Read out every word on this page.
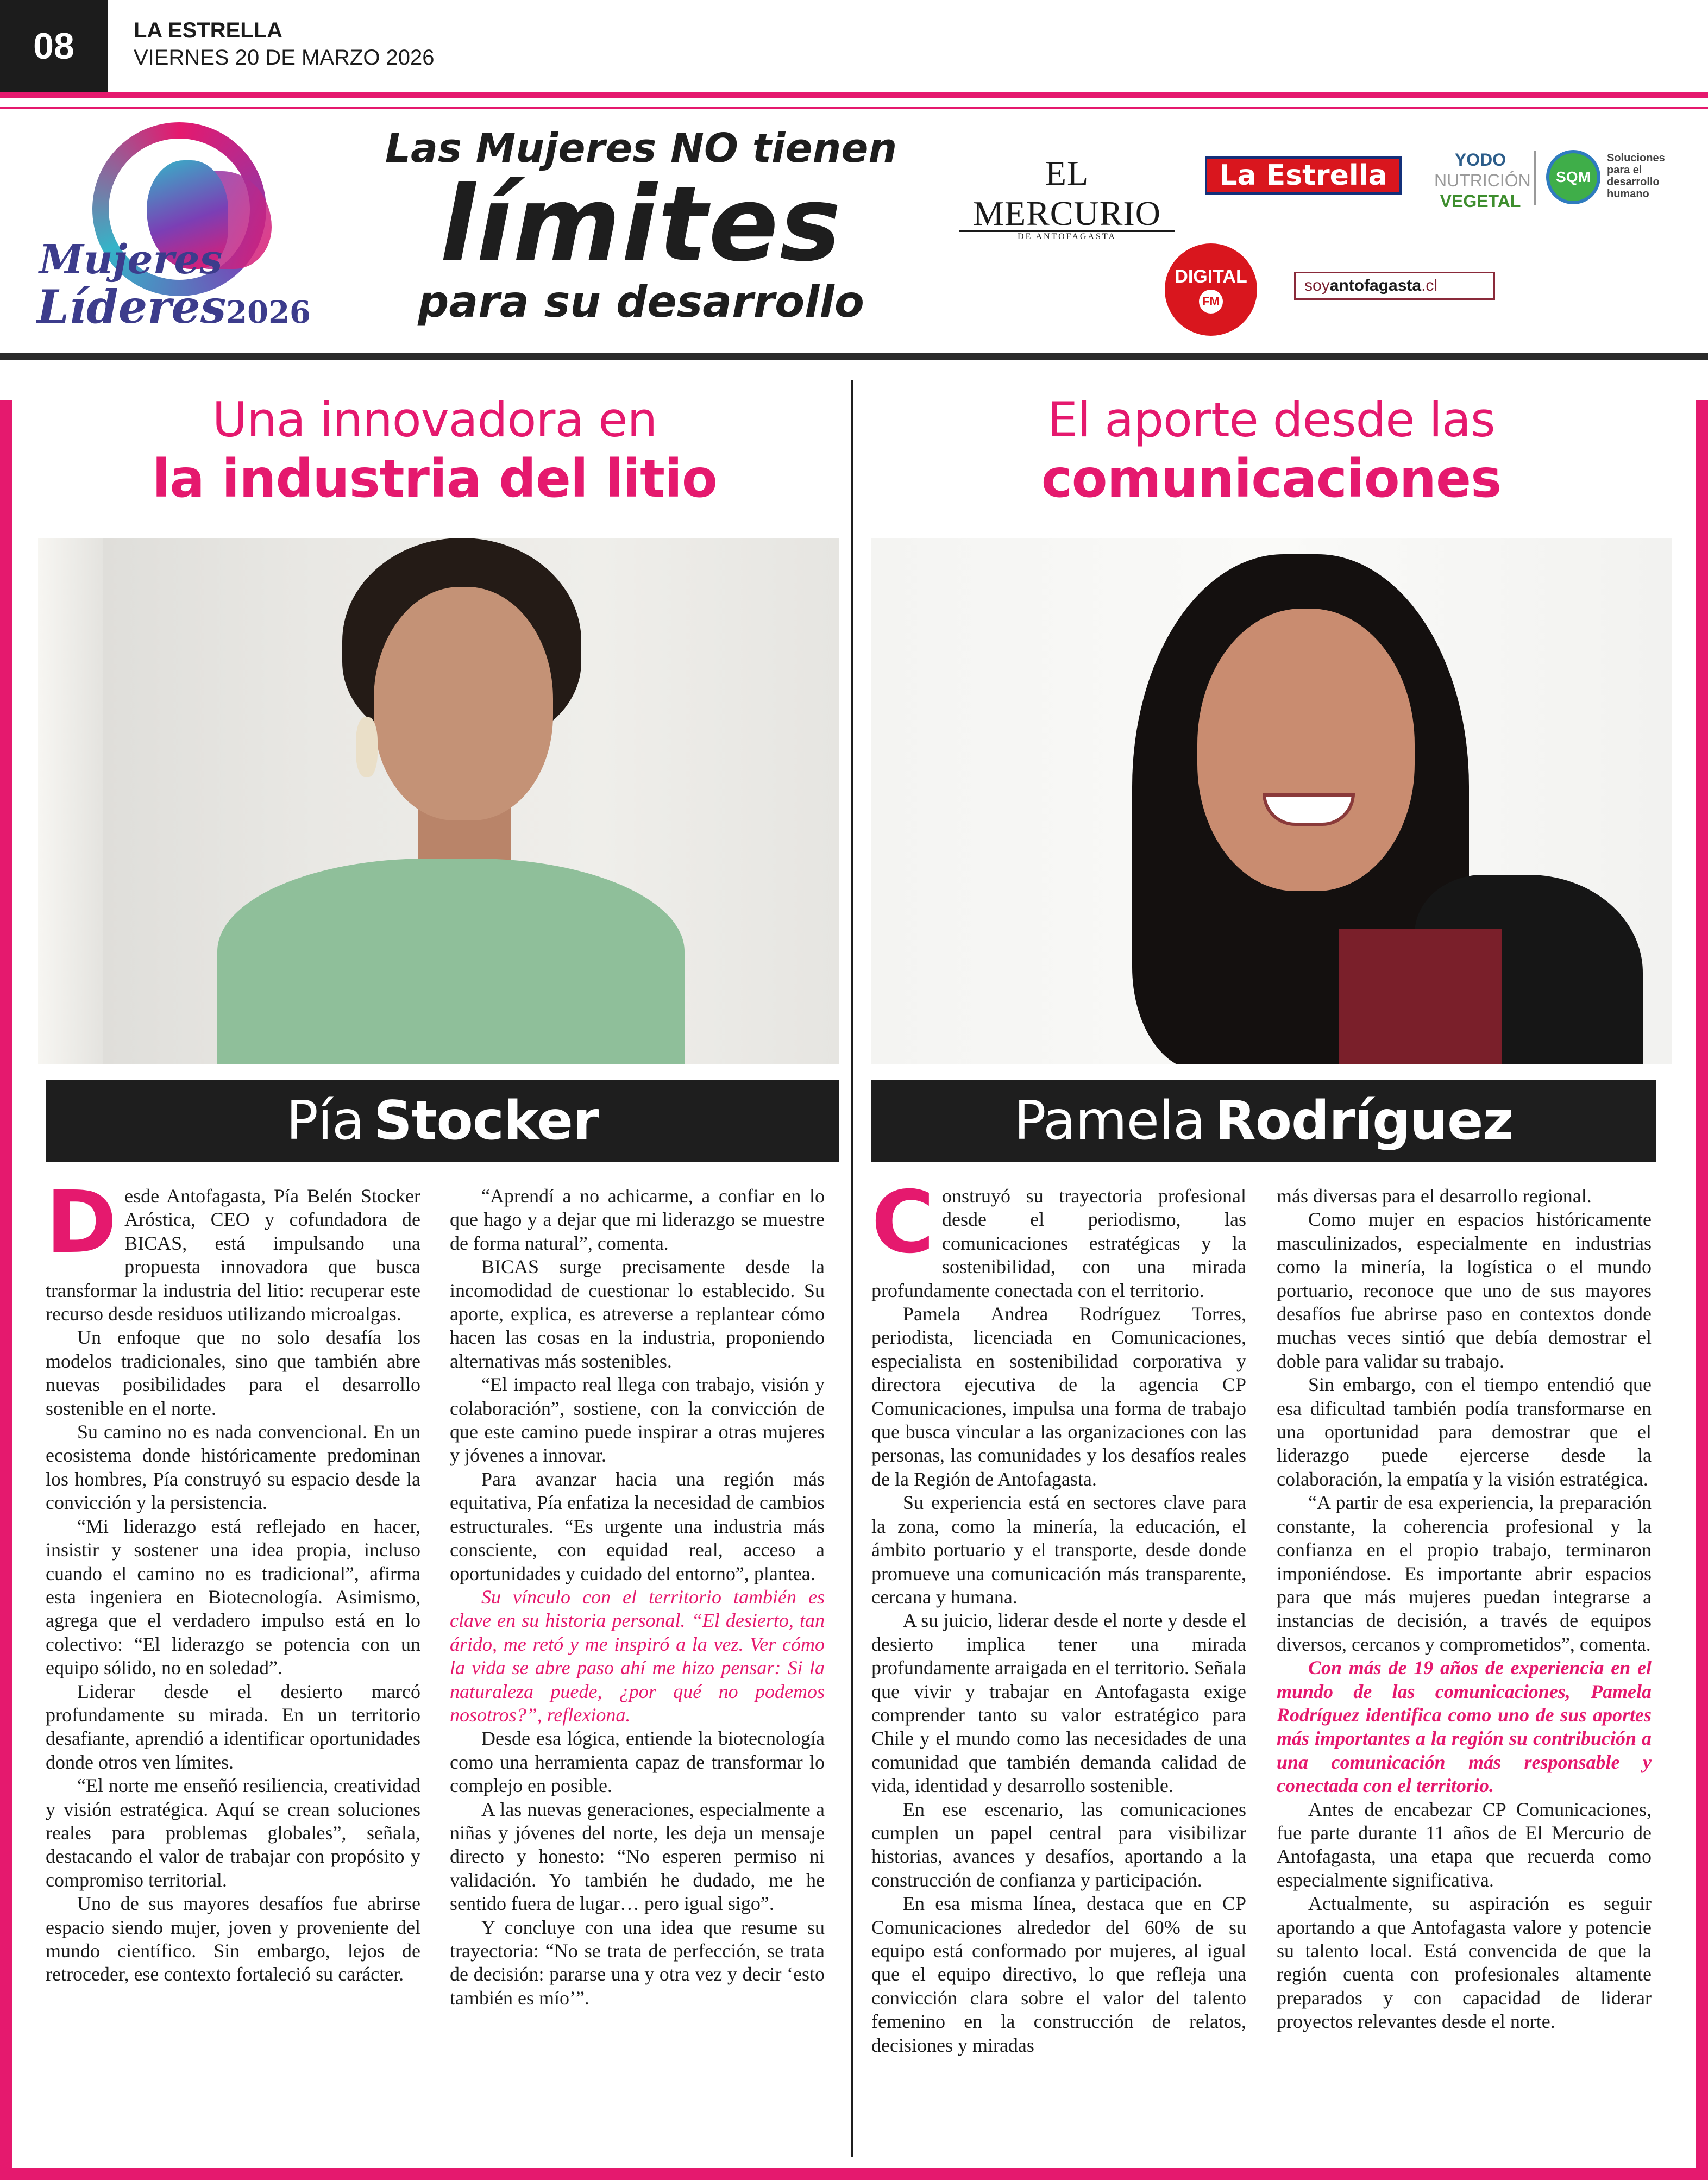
08	LA ESTRELLA
VIERNES 20 DE MARZO 2026
Mujeres
Líderes2026
Las Mujeres NO tienen
límites
para su desarrollo
EL MERCURIO
DE ANTOFAGASTA
La Estrella	YODO
NUTRICIÓN
VEGETAL
SQM
Soluciones para el desarrollo humano
DIGITAL
FM
soy antofagasta .cl
Una innovadora en
la industria del litio
Pía Stocker

Desde Antofagasta, Pía Belén Stocker Aróstica, CEO y cofundadora de BICAS, está impulsando una propuesta innovadora que busca transformar la industria del litio: recuperar este recurso desde residuos utilizando microalgas.

Un enfoque que no solo desafía los modelos tradicionales, sino que también abre nuevas posibilidades para el desarrollo sostenible en el norte.

Su camino no es nada convencional. En un ecosistema donde históricamente predominan los hombres, Pía construyó su espacio desde la convicción y la persistencia.

“Mi liderazgo está reflejado en hacer, insistir y sostener una idea propia, incluso cuando el camino no es tradicional”, afirma esta ingeniera en Biotecnología. Asimismo, agrega que el verdadero impulso está en lo colectivo: “El liderazgo se potencia con un equipo sólido, no en soledad”.

Liderar desde el desierto marcó profundamente su mirada. En un territorio desafiante, aprendió a identificar oportunidades donde otros ven límites.

“El norte me enseñó resiliencia, creatividad y visión estratégica. Aquí se crean soluciones reales para problemas globales”, señala, destacando el valor de trabajar con propósito y compromiso territorial.

Uno de sus mayores desafíos fue abrirse espacio siendo mujer, joven y proveniente del mundo científico. Sin embargo, lejos de retroceder, ese contexto fortaleció su carácter.

“Aprendí a no achicarme, a confiar en lo que hago y a dejar que mi liderazgo se muestre de forma natural”, comenta.

BICAS surge precisamente desde la incomodidad de cuestionar lo establecido. Su aporte, explica, es atreverse a replantear cómo hacen las cosas en la industria, proponiendo alternativas más sostenibles.

“El impacto real llega con trabajo, visión y colaboración”, sostiene, con la convicción de que este camino puede inspirar a otras mujeres y jóvenes a innovar.

Para avanzar hacia una región más equitativa, Pía enfatiza la necesidad de cambios estructurales. “Es urgente una industria más consciente, con equidad real, acceso a oportunidades y cuidado del entorno”, plantea.

Su vínculo con el territorio también es clave en su historia personal. “El desierto, tan árido, me retó y me inspiró a la vez. Ver cómo la vida se abre paso ahí me hizo pensar: Si la naturaleza puede, ¿por qué no podemos nosotros?”, reflexiona.

Desde esa lógica, entiende la biotecnología como una herramienta capaz de transformar lo complejo en posible.

A las nuevas generaciones, especialmente a niñas y jóvenes del norte, les deja un mensaje directo y honesto: “No esperen permiso ni validación. Yo también he dudado, me he sentido fuera de lugar… pero igual sigo”.

Y concluye con una idea que resume su trayectoria: “No se trata de perfección, se trata de decisión: pararse una y otra vez y decir ‘esto también es mío’”.

El aporte desde las
comunicaciones
Pamela Rodríguez

Construyó su trayectoria profesional desde el periodismo, las comunicaciones estratégicas y la sostenibilidad, con una mirada profundamente conectada con el territorio.

Pamela Andrea Rodríguez Torres, periodista, licenciada en Comunicaciones, especialista en sostenibilidad corporativa y directora ejecutiva de la agencia CP Comunicaciones, impulsa una forma de trabajo que busca vincular a las organizaciones con las personas, las comunidades y los desafíos reales de la Región de Antofagasta.

Su experiencia está en sectores clave para la zona, como la minería, la educación, el ámbito portuario y el transporte, desde donde promueve una comunicación más transparente, cercana y humana.

A su juicio, liderar desde el norte y desde el desierto implica tener una mirada profundamente arraigada en el territorio. Señala que vivir y trabajar en Antofagasta exige comprender tanto su valor estratégico para Chile y el mundo como las necesidades de una comunidad que también demanda calidad de vida, identidad y desarrollo sostenible.

En ese escenario, las comunicaciones cumplen un papel central para visibilizar historias, avances y desafíos, aportando a la construcción de confianza y participación.

En esa misma línea, destaca que en CP Comunicaciones alrededor del 60% de su equipo está conformado por mujeres, al igual que el equipo directivo, lo que refleja una convicción clara sobre el valor del talento femenino en la construcción de relatos, decisiones y miradas

más diversas para el desarrollo regional.

Como mujer en espacios históricamente masculinizados, especialmente en industrias como la minería, la logística o el mundo portuario, reconoce que uno de sus mayores desafíos fue abrirse paso en contextos donde muchas veces sintió que debía demostrar el doble para validar su trabajo.

Sin embargo, con el tiempo entendió que esa dificultad también podía transformarse en una oportunidad para demostrar que el liderazgo puede ejercerse desde la colaboración, la empatía y la visión estratégica.

“A partir de esa experiencia, la preparación constante, la coherencia profesional y la confianza en el propio trabajo, terminaron imponiéndose. Es importante abrir espacios para que más mujeres puedan integrarse a instancias de decisión, a través de equipos diversos, cercanos y comprometidos”, comenta.

Con más de 19 años de experiencia en el mundo de las comunicaciones, Pamela Rodríguez identifica como uno de sus aportes más importantes a la región su contribución a una comunicación más responsable y conectada con el territorio.

Antes de encabezar CP Comunicaciones, fue parte durante 11 años de El Mercurio de Antofagasta, una etapa que recuerda como especialmente significativa.

Actualmente, su aspiración es seguir aportando a que Antofagasta valore y potencie su talento local. Está convencida de que la región cuenta con profesionales altamente preparados y con capacidad de liderar proyectos relevantes desde el norte.
